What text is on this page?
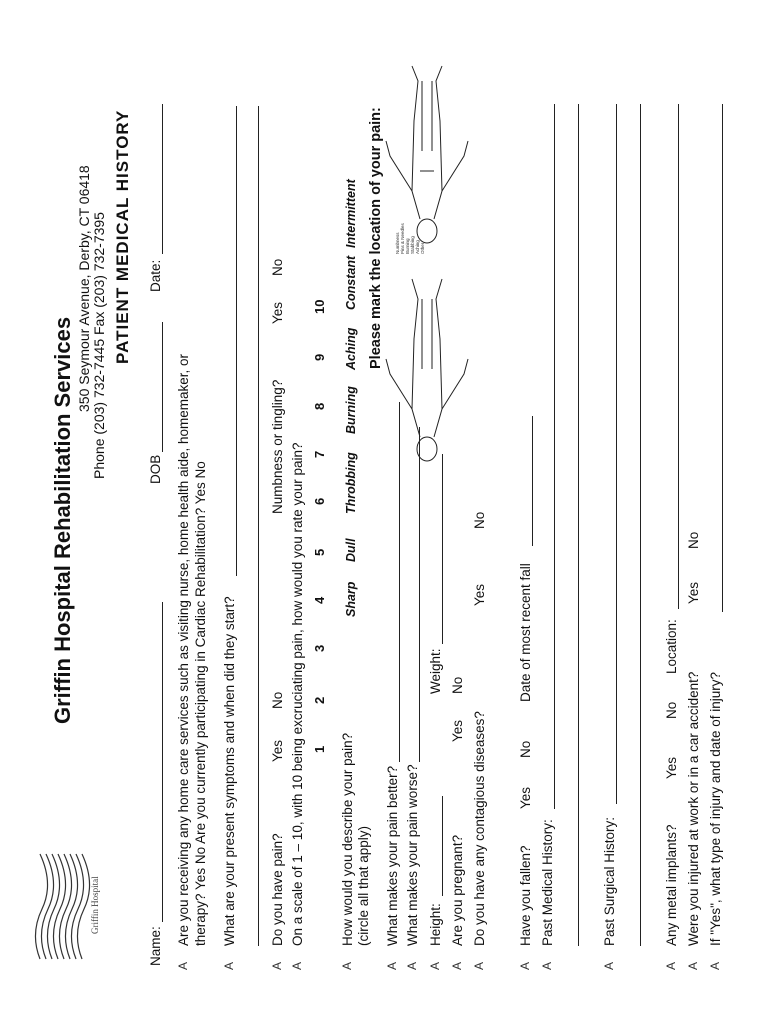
Griffin Hospital
Griffin Hospital Rehabilitation Services
350 Seymour Avenue, Derby, CT 06418 Phone (203) 732-7445 Fax (203) 732-7395 PATIENT MEDICAL HISTORY
Name:
DOB
Date:
A
Are you receiving any home care services such as visiting nurse, home health aide, homemaker, or therapy? Yes No Are you currently participating in Cardiac Rehabilitation? Yes No
A
What are your present symptoms and when did they start?
A
Do you have pain?
Yes
No
Numbness or tingling?
Yes
No
A
On a scale of 1 – 10, with 10 being excruciating pain, how would you rate your pain? 1
2
3
4
5
6
7
8
9
10
A
How would you describe your pain? (circle all that apply)
Sharp
Dull
Throbbing
Burning
Aching
Constant
Intermittent Please mark the location of your pain: Numbness Pins & Needles Burning Stabbing Aching Other
A
What makes your pain better?
A
What makes your pain worse?
A
Height:
Weight:
A
Are you pregnant?
Yes
No
A
Do you have any contagious diseases?
Yes
No
A
Have you fallen?
Yes
No
Date of most recent fall
A
Past Medical History:
A
Past Surgical History:
A
Any metal implants?
Yes
No
Location:
A
Were you injured at work or in a car accident?
Yes
No
A
If "Yes", what type of injury and date of injury?
